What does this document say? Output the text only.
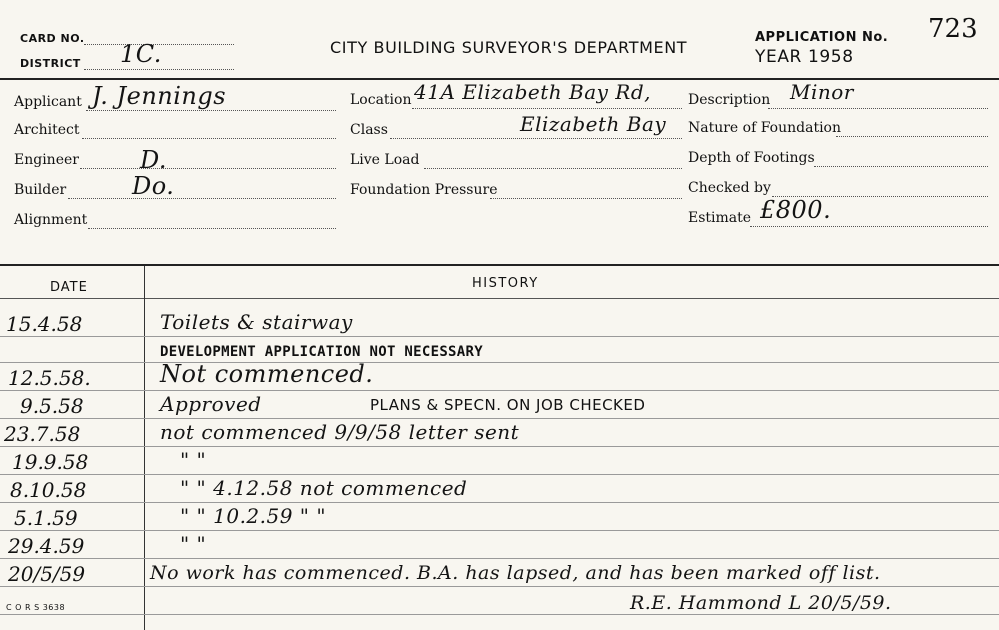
CARD NO.
DISTRICT 1C.	CITY BUILDING SURVEYOR'S DEPARTMENT
APPLICATION No. 723
YEAR 1958
Applicant J. Jennings
Architect
Engineer	D.
Builder	Do.
Alignment
Location 41A Elizabeth Bay Rd,
Class	Elizabeth Bay
Live Load
Foundation Pressure
Description Minor
Nature of Foundation
Depth of Footings
Checked by
Estimate £800.
DATE	HISTORY
15.4.58	Toilets & stairway
DEVELOPMENT APPLICATION NOT NECESSARY
12.5.58.	Not commenced.
9.5.58	Approved	PLANS & SPECN. ON JOB CHECKED
23.7.58	not commenced 9/9/58 letter sent
19.9.58	" "
8.10.58	" " 4.12.58 not commenced
5.1.59	" " 10.2.59 " "
29.4.59	" "
20/5/59	No work has commenced. B.A. has lapsed, and has been marked off list.
R.E. Hammond L 20/5/59.
C O R S 3638
